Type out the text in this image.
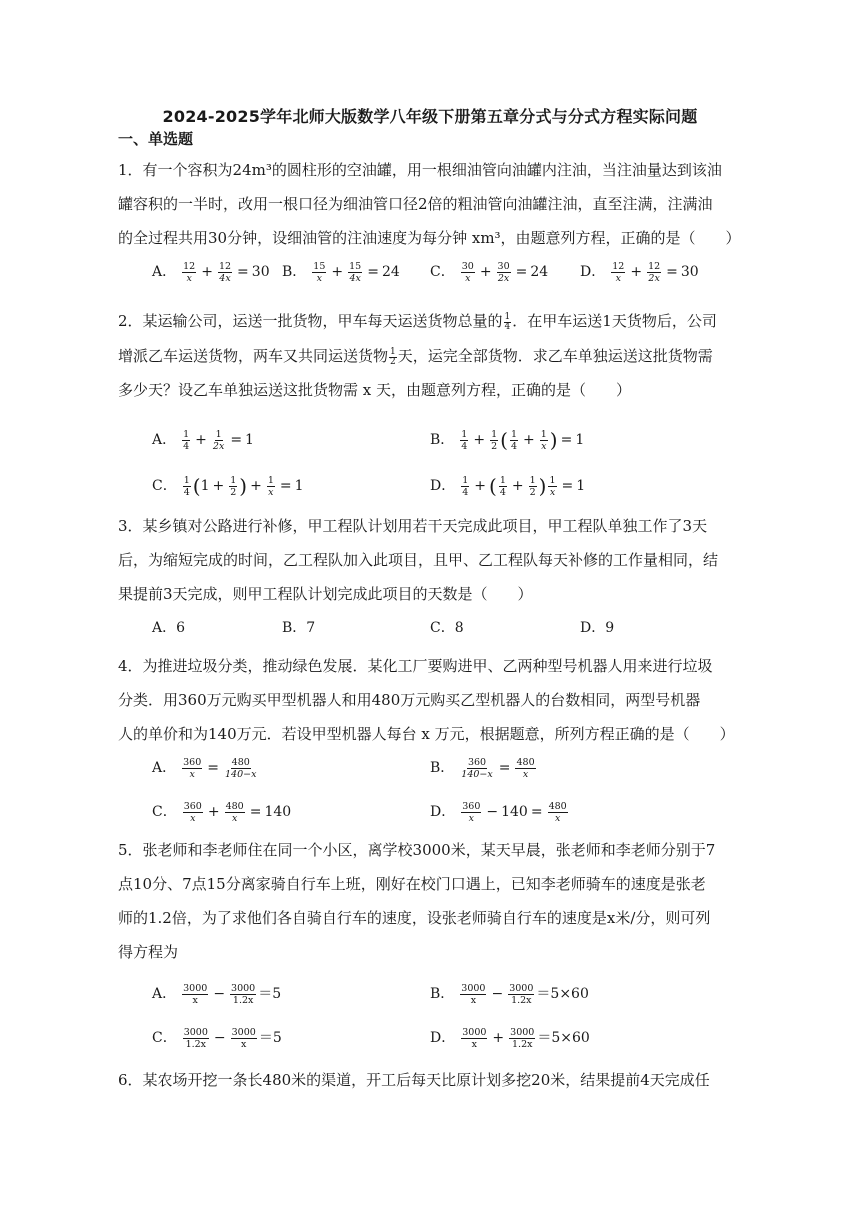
2024-2025学年北师大版数学八年级下册第五章分式与分式方程实际问题
一、单选题
1．有一个容积为24m³的圆柱形的空油罐，用一根细油管向油罐内注油，当注油量达到该油
罐容积的一半时，改用一根口径为细油管口径2倍的粗油管向油罐注油，直至注满，注满油
的全过程共用30分钟，设细油管的注油速度为每分钟 xm³，由题意列方程，正确的是（　　）
A． $\frac{12}{x} + \frac{12}{4x} = 30$ B． $\frac{15}{x} + \frac{15}{4x} = 24$ C． $\frac{30}{x} + \frac{30}{2x} = 24$ D． $\frac{12}{x} + \frac{12}{2x} = 30$
2．某运输公司，运送一批货物，甲车每天运送货物总量的 $\frac{1}{4}$ ．在甲车运送1天货物后，公司
增派乙车运送货物，两车又共同运送货物 $\frac{1}{2}$ 天，运完全部货物．求乙车单独运送这批货物需
多少天？设乙车单独运送这批货物需 x 天，由题意列方程，正确的是（　　）
A． $\frac{1}{4} + \frac{1}{2x} = 1$	B． $\frac{1}{4} + \frac{1}{2}$ ( $\frac{1}{4} + \frac{1}{x}$ ) = 1
C． $\frac{1}{4}$ ( $1 + \frac{1}{2}$ ) + $\frac{1}{x} = 1$	D． $\frac{1}{4}$ + ( $\frac{1}{4} + \frac{1}{2}$ ) $\frac{1}{x} = 1$
3．某乡镇对公路进行补修，甲工程队计划用若干天完成此项目，甲工程队单独工作了3天
后，为缩短完成的时间，乙工程队加入此项目，且甲、乙工程队每天补修的工作量相同，结
果提前3天完成，则甲工程队计划完成此项目的天数是（　　）
A．6	B．7	C．8	D．9
4．为推进垃圾分类，推动绿色发展．某化工厂要购进甲、乙两种型号机器人用来进行垃圾
分类．用360万元购买甲型机器人和用480万元购买乙型机器人的台数相同，两型号机器
人的单价和为140万元．若设甲型机器人每台 x 万元，根据题意，所列方程正确的是（　　）
A． $\frac{360}{x} = \frac{480}{140-x}$	B． $\frac{360}{140-x} = \frac{480}{x}$
C． $\frac{360}{x} + \frac{480}{x} = 140$	D． $\frac{360}{x} - 140 = \frac{480}{x}$
5．张老师和李老师住在同一个小区，离学校3000米，某天早晨，张老师和李老师分别于7
点10分、7点15分离家骑自行车上班，刚好在校门口遇上，已知李老师骑车的速度是张老
师的1.2倍，为了求他们各自骑自行车的速度，设张老师骑自行车的速度是x米/分，则可列
得方程为
A． $\frac{3000}{x} - \frac{3000}{1.2x} = 5$	B． $\frac{3000}{x} - \frac{3000}{1.2x} = 5\times 60$
C． $\frac{3000}{1.2x} - \frac{3000}{x} = 5$	D． $\frac{3000}{x} + \frac{3000}{1.2x} = 5\times 60$
6．某农场开挖一条长480米的渠道，开工后每天比原计划多挖20米，结果提前4天完成任
